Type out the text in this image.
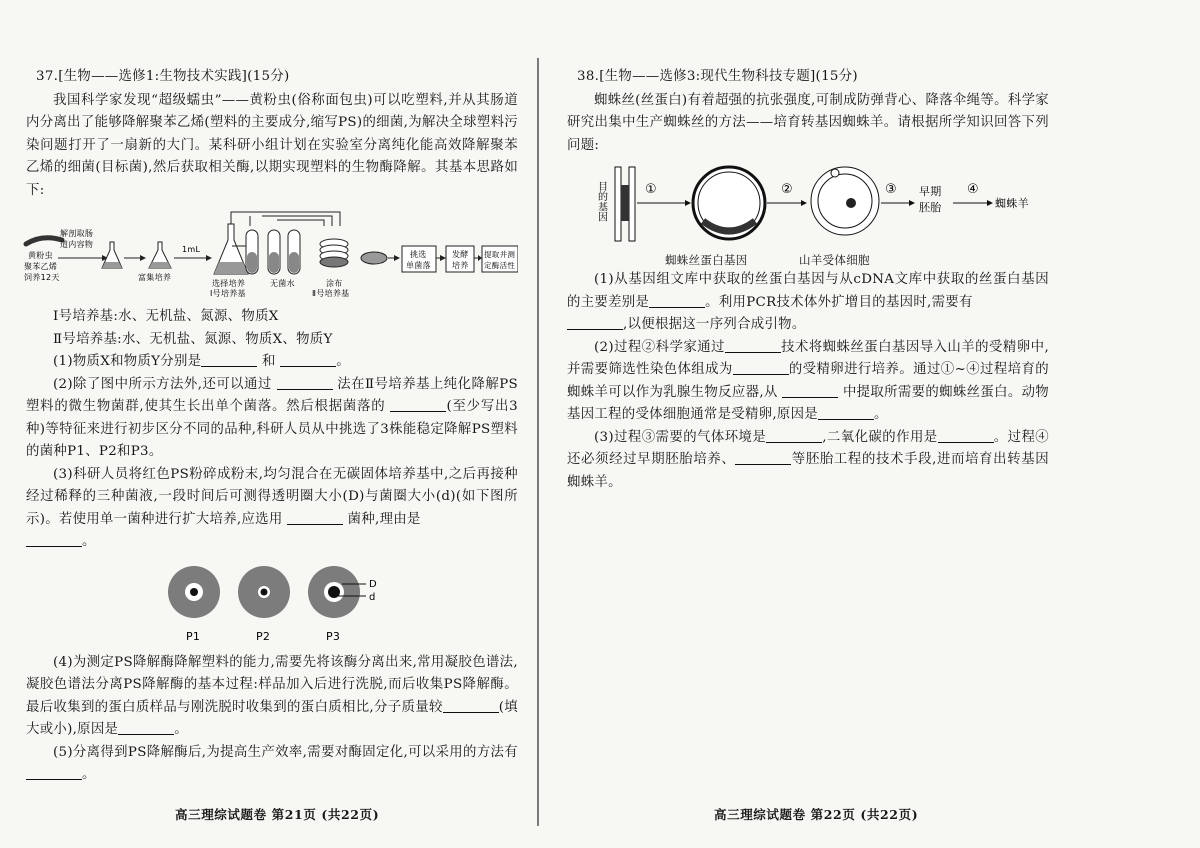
37.[生物——选修1:生物技术实践](15分)

我国科学家发现“超级蠕虫”——黄粉虫(俗称面包虫)可以吃塑料,并从其肠道内分离出了能够降解聚苯乙烯(塑料的主要成分,缩写PS)的细菌,为解决全球塑料污染问题打开了一扇新的大门。某科研小组计划在实验室分离纯化能高效降解聚苯乙烯的细菌(目标菌),然后获取相关酶,以期实现塑料的生物酶降解。其基本思路如下:

黄粉虫
聚苯乙烯
饲养12天
解剖取肠
道内容物
富集培养
1mL
选择培养
Ⅰ号培养基
无菌水	涂布
Ⅱ号培养基
挑选
单菌落
发酵
培养
提取并测
定酶活性

Ⅰ号培养基:水、无机盐、氮源、物质X

Ⅱ号培养基:水、无机盐、氮源、物质X、物质Y

(1)物质X和物质Y分别是	和	。

(2)除了图中所示方法外,还可以通过	法在Ⅱ号培养基上纯化降解PS塑料的微生物菌群,使其生长出单个菌落。然后根据菌落的	(至少写出3种)等特征来进行初步区分不同的品种,科研人员从中挑选了3株能稳定降解PS塑料的菌种P1、P2和P3。

(3)科研人员将红色PS粉碎成粉末,均匀混合在无碳固体培养基中,之后再接种经过稀释的三种菌液,一段时间后可测得透明圈大小(D)与菌圈大小(d)(如下图所示)。若使用单一菌种进行扩大培养,应选用	菌种,理由是
。

D
d
P1	P2	P3

(4)为测定PS降解酶降解塑料的能力,需要先将该酶分离出来,常用凝胶色谱法,凝胶色谱法分离PS降解酶的基本过程:样品加入后进行洗脱,而后收集PS降解酶。最后收集到的蛋白质样品与刚洗脱时收集到的蛋白质相比,分子质量较	(填大或小),原因是	。

(5)分离得到PS降解酶后,为提高生产效率,需要对酶固定化,可以采用的方法有。

38.[生物——选修3:现代生物科技专题](15分)

蜘蛛丝(丝蛋白)有着超强的抗张强度,可制成防弹背心、降落伞绳等。科学家研究出集中生产蜘蛛丝的方法——培育转基因蜘蛛羊。请根据所学知识回答下列问题:

目的基因	①	②	③ 早期
胚胎
④
蜘蛛羊
蜘蛛丝蛋白基因	山羊受体细胞

(1)从基因组文库中获取的丝蛋白基因与从cDNA文库中获取的丝蛋白基因的主要差别是	。利用PCR技术体外扩增目的基因时,需要有
,以便根据这一序列合成引物。

(2)过程②科学家通过	技术将蜘蛛丝蛋白基因导入山羊的受精卵中,并需要筛选性染色体组成为	的受精卵进行培养。通过①~④过程培育的蜘蛛羊可以作为乳腺生物反应器,从	中提取所需要的蜘蛛丝蛋白。动物基因工程的受体细胞通常是受精卵,原因是	。

(3)过程③需要的气体环境是	,二氧化碳的作用是	。过程④还必须经过早期胚胎培养、	等胚胎工程的技术手段,进而培育出转基因蜘蛛羊。

高三理综试题卷 第21页 (共22页)	高三理综试题卷 第22页 (共22页)
